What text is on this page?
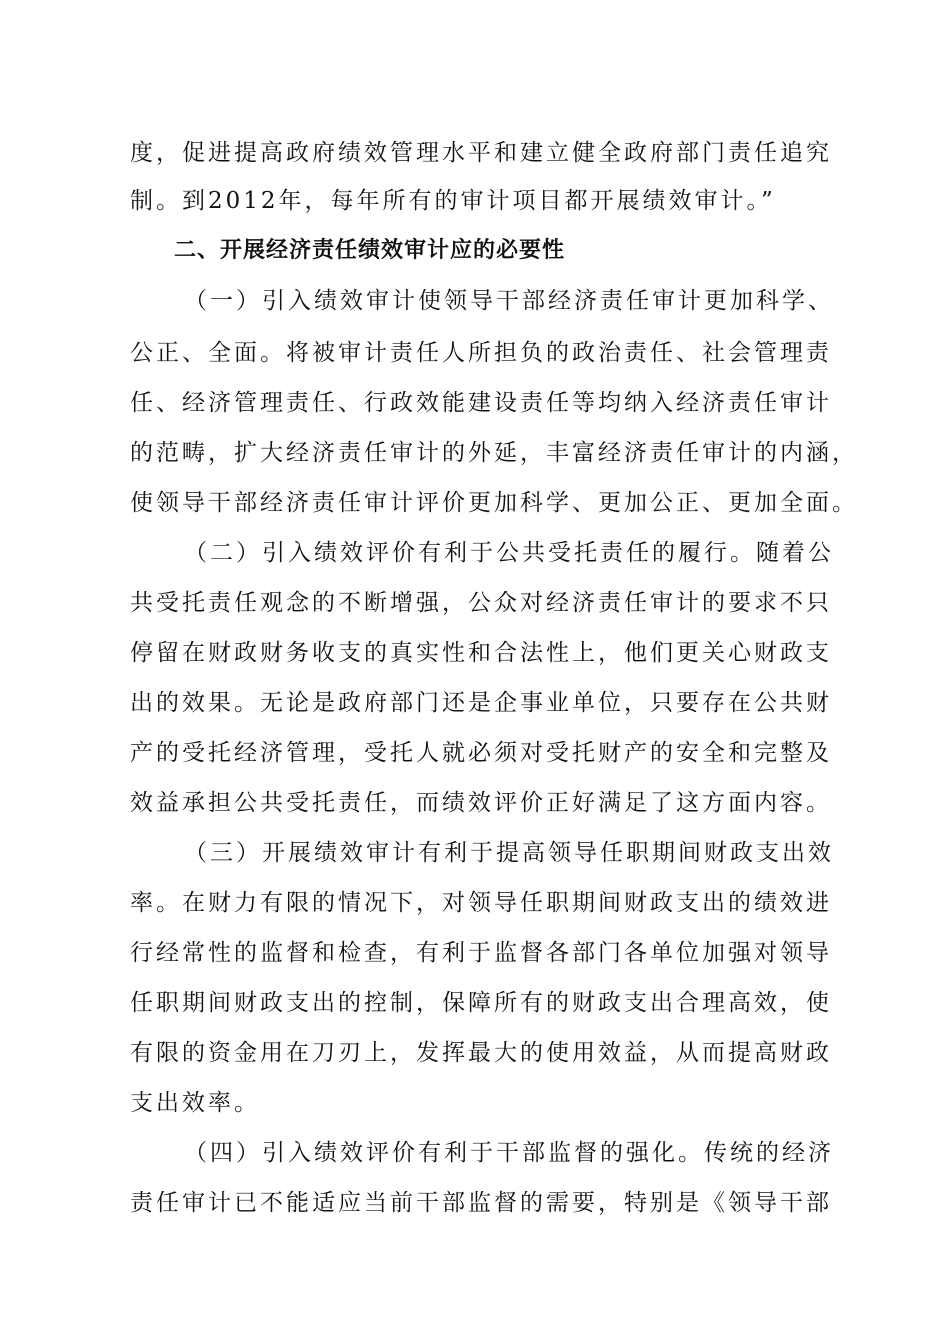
度，促进提高政府绩效管理水平和建立健全政府部门责任追究
制。到2012年，每年所有的审计项目都开展绩效审计。”
（一）引入绩效审计使领导干部经济责任审计更加科学、
公正、全面。将被审计责任人所担负的政治责任、社会管理责
任、经济管理责任、行政效能建设责任等均纳入经济责任审计
的范畴，扩大经济责任审计的外延，丰富经济责任审计的内涵，
使领导干部经济责任审计评价更加科学、更加公正、更加全面。
（二）引入绩效评价有利于公共受托责任的履行。随着公
共受托责任观念的不断增强，公众对经济责任审计的要求不只
停留在财政财务收支的真实性和合法性上，他们更关心财政支
出的效果。无论是政府部门还是企事业单位，只要存在公共财
产的受托经济管理，受托人就必须对受托财产的安全和完整及
效益承担公共受托责任，而绩效评价正好满足了这方面内容。
（三）开展绩效审计有利于提高领导任职期间财政支出效
率。在财力有限的情况下，对领导任职期间财政支出的绩效进
行经常性的监督和检查，有利于监督各部门各单位加强对领导
任职期间财政支出的控制，保障所有的财政支出合理高效，使
有限的资金用在刀刃上，发挥最大的使用效益，从而提高财政
支出效率。
（四）引入绩效评价有利于干部监督的强化。传统的经济
责任审计已不能适应当前干部监督的需要，特别是《领导干部
二、开展经济责任绩效审计应的必要性
